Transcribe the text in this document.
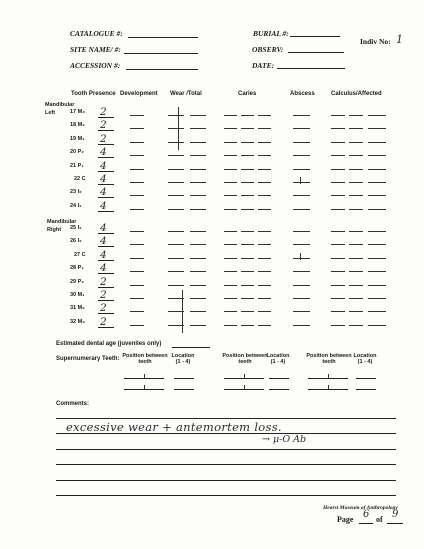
CATALOGUE #:	BURIAL #:
Indiv No: 1
SITE NAME/ #:	OBSERV:
ACCESSION #:	DATE:
Tooth Presence Development Wear /Total	Caries	Abscess	Calculus/Affected
Mandibular
Left
Mandibular
Right
17 M₃ 2
18 M₂ 2
19 M₁ 2
20 P₂ 4
21 P₁ 4
22 C 4
23 I₂ 4
24 I₁ 4
25 I₁ 4
26 I₂ 4
27 C 4
28 P₁ 4
29 P₂ 2
30 M₁ 2
31 M₂ 2
32 M₃ 2
Estimated dental age (juveniles only)
Supernumerary Teeth: Position between teeth
Location (1 - 4)
Position between teeth
Location (1 - 4)
Position between teeth
Location (1 - 4)
Comments:
excessive wear + antemortem loss.
→ μ-O Ab
Hearst Museum of Anthropology
Page 6 of 9
